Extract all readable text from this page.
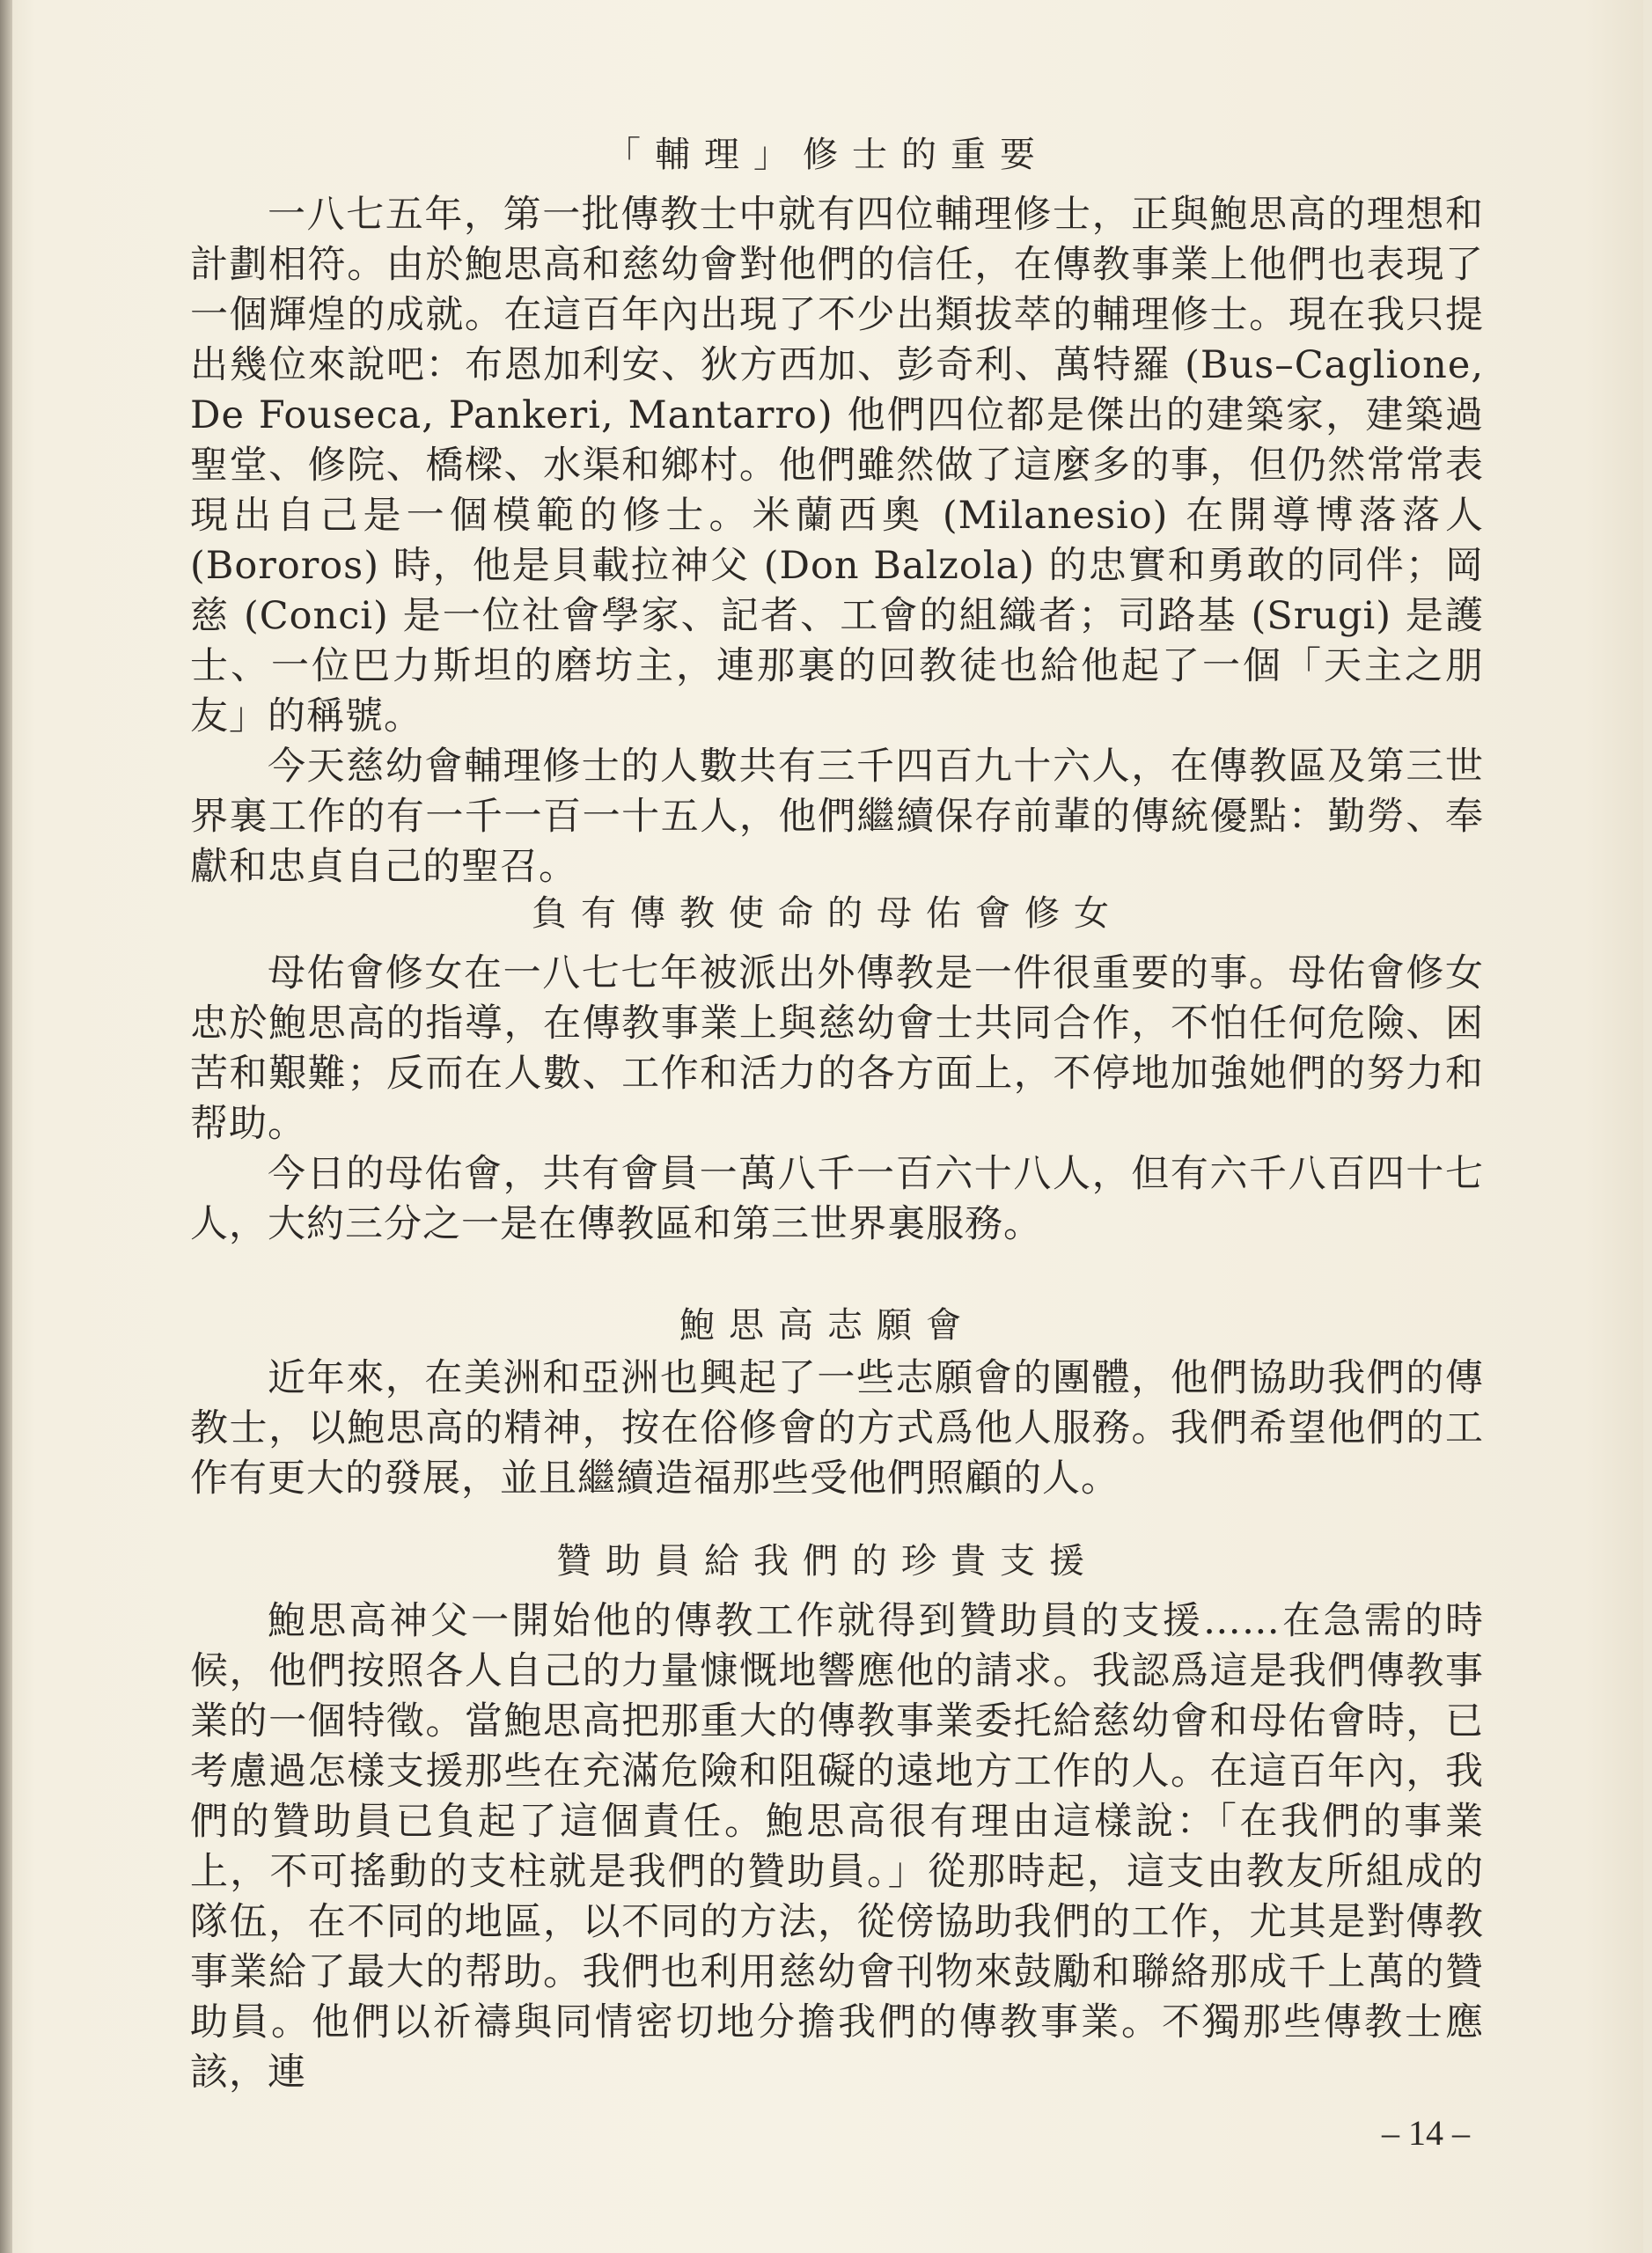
「輔理」修士的重要

一八七五年，第一批傳教士中就有四位輔理修士，正與鮑思高的理想和計劃相符。由於鮑思高和慈幼會對他們的信任，在傳教事業上他們也表現了一個輝煌的成就。在這百年內出現了不少出類拔萃的輔理修士。現在我只提出幾位來說吧：布恩加利安、狄方西加、彭奇利、萬特羅 (Bus–Caglione, De Fouseca, Pankeri, Mantarro) 他們四位都是傑出的建築家，建築過聖堂、修院、橋樑、水渠和鄉村。他們雖然做了這麼多的事，但仍然常常表現出自己是一個模範的修士。米蘭西奧 (Milanesio) 在開導博落落人 (Bororos) 時，他是貝載拉神父 (Don Balzola) 的忠實和勇敢的同伴；岡慈 (Conci) 是一位社會學家、記者、工會的組織者；司路基 (Srugi) 是護士、一位巴力斯坦的磨坊主，連那裏的回教徒也給他起了一個「天主之朋友」的稱號。

今天慈幼會輔理修士的人數共有三千四百九十六人，在傳教區及第三世界裏工作的有一千一百一十五人，他們繼續保存前輩的傳統優點：勤勞、奉獻和忠貞自己的聖召。

負有傳教使命的母佑會修女

母佑會修女在一八七七年被派出外傳教是一件很重要的事。母佑會修女忠於鮑思高的指導，在傳教事業上與慈幼會士共同合作，不怕任何危險、困苦和艱難；反而在人數、工作和活力的各方面上，不停地加強她們的努力和帮助。

今日的母佑會，共有會員一萬八千一百六十八人，但有六千八百四十七人，大約三分之一是在傳教區和第三世界裏服務。

鮑思高志願會

近年來，在美洲和亞洲也興起了一些志願會的團體，他們協助我們的傳教士，以鮑思高的精神，按在俗修會的方式爲他人服務。我們希望他們的工作有更大的發展，並且繼續造福那些受他們照顧的人。

贊助員給我們的珍貴支援

鮑思高神父一開始他的傳教工作就得到贊助員的支援……在急需的時候，他們按照各人自己的力量慷慨地響應他的請求。我認爲這是我們傳教事業的一個特徵。當鮑思高把那重大的傳教事業委托給慈幼會和母佑會時，已考慮過怎樣支援那些在充滿危險和阻礙的遠地方工作的人。在這百年內，我們的贊助員已負起了這個責任。鮑思高很有理由這樣說：「在我們的事業上，不可搖動的支柱就是我們的贊助員。」從那時起，這支由教友所組成的隊伍，在不同的地區，以不同的方法，從傍協助我們的工作，尤其是對傳教事業給了最大的帮助。我們也利用慈幼會刊物來鼓勵和聯絡那成千上萬的贊助員。他們以祈禱與同情密切地分擔我們的傳教事業。不獨那些傳教士應該，連

– 14 –
